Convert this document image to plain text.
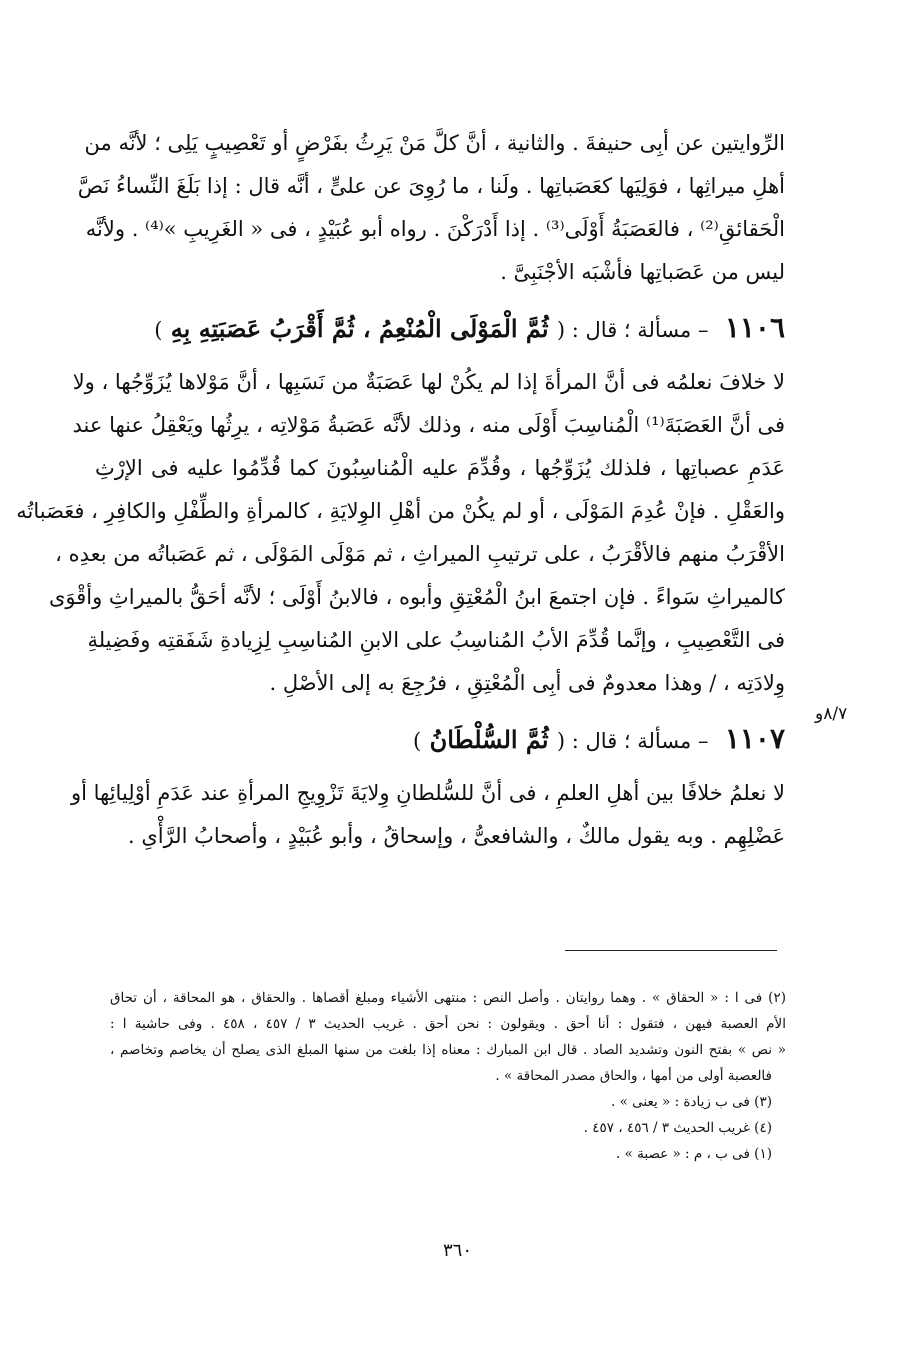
الرِّوايتين عن أبِى حنيفةَ . والثانية ، أنَّ كلَّ مَنْ يَرِثُ بفَرْضٍ أو تَعْصِيبٍ يَلِى ؛ لأنَّه من
أهلِ ميراثِها ، فوَلِيَها كعَصَباتِها . ولَنا ، ما رُوِىَ عن علىٍّ ، أنَّه قال : إذا بَلَغَ النِّساءُ نَصَّ
الْحَقائقِ⁽²⁾ ، فالعَصَبَةُ أَوْلَى⁽³⁾ . إذا أَدْرَكْنَ . رواه أبو عُبَيْدٍ ، فى « الغَرِيبِ »⁽⁴⁾ . ولأنَّه
ليس من عَصَباتِها فأشْبَه الأجْنَبِىَّ .
١١٠٦ – مسألة ؛ قال : ( ثُمَّ الْمَوْلَى الْمُنْعِمُ ، ثُمَّ أَقْرَبُ عَصَبَتِهِ بِهِ )
لا خلافَ نعلمُه فى أنَّ المرأةَ إذا لم يكُنْ لها عَصَبَةٌ من نَسَبِها ، أنَّ مَوْلاها يُزَوِّجُها ، ولا
فى أنَّ العَصَبَةَ⁽¹⁾ الْمُناسِبَ أَوْلَى منه ، وذلك لأنَّه عَصَبةُ مَوْلاتِه ، يرِثُها ويَعْقِلُ عنها عند
عَدَمِ عصباتِها ، فلذلك يُزَوِّجُها ، وقُدِّمَ عليه الْمُناسِبُونَ كما قُدِّمُوا عليه فى الإرْثِ
والعَقْلِ . فإنْ عُدِمَ المَوْلَى ، أو لم يكُنْ من أهْلِ الوِلايَةِ ، كالمرأةِ والطِّفْلِ والكافِرِ ، فعَصَباتُه
الأقْرَبُ منهم فالأقْرَبُ ، على ترتيبِ الميراثِ ، ثم مَوْلَى المَوْلَى ، ثم عَصَباتُه من بعدِه ،
كالميراثِ سَواءً . فإن اجتمعَ ابنُ الْمُعْتِقِ وأبوه ، فالابنُ أَوْلَى ؛ لأنَّه أحَقُّ بالميراثِ وأقْوَى
فى التَّعْصِيبِ ، وإنَّما قُدِّمَ الأبُ المُناسِبُ على الابنِ المُناسِبِ لِزِيادةِ شَفَقتِه وفَضِيلةِ
وِلادَتِه ، / وهذا معدومٌ فى أبِى الْمُعْتِقِ ، فرُجِعَ به إلى الأصْلِ .
١١٠٧ – مسألة ؛ قال : ( ثُمَّ السُّلْطَانُ )
لا نعلمُ خلافًا بين أهلِ العلمِ ، فى أنَّ للسُّلطانِ وِلايَةَ تَزْوِيجِ المرأةِ عند عَدَمِ أوْلِيائِها أو
عَضْلِهِم . وبه يقول مالكٌ ، والشافعىُّ ، وإسحاقُ ، وأبو عُبَيْدٍ ، وأصحابُ الرَّأْىِ .
٨/٧و
(٢) فى ا : « الحقاق » . وهما روايتان . وأصل النص : منتهى الأشياء ومبلغ أقصاها . والحقاق ، هو المحاقة ، أن تحاق
الأم العصبة فيهن ، فتقول : أنا أحق . ويقولون : نحن أحق . غريب الحديث ٣ / ٤٥٧ ، ٤٥٨ . وفى حاشية ا :
« نص » بفتح النون وتشديد الصاد . قال ابن المبارك : معناه إذا بلغت من سنها المبلغ الذى يصلح أن يخاصم وتخاصم ،
فالعصبة أولى من أمها ، والحاق مصدر المحاقة » .
(٣) فى ب زيادة : « يعنى » .
(٤) غريب الحديث ٣ / ٤٥٦ ، ٤٥٧ .
(١) فى ب ، م : « عصبة » .
٣٦٠
